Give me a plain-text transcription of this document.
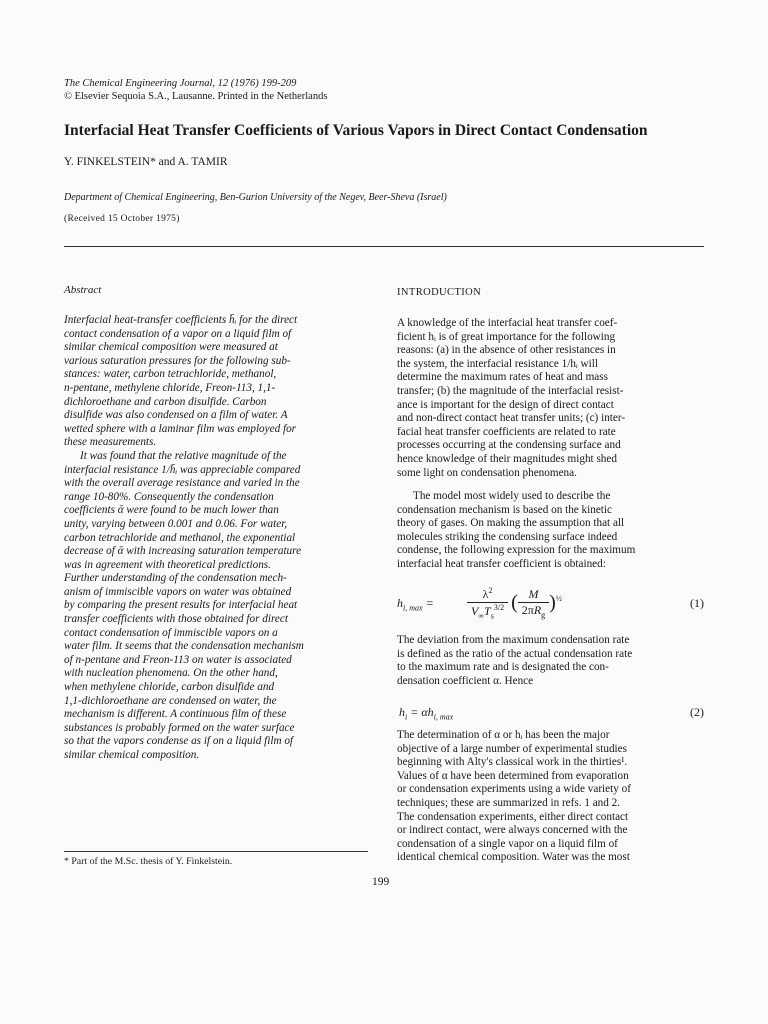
The Chemical Engineering Journal, 12 (1976) 199-209
© Elsevier Sequoia S.A., Lausanne. Printed in the Netherlands
Interfacial Heat Transfer Coefficients of Various Vapors in Direct Contact Condensation
Y. FINKELSTEIN* and A. TAMIR
Department of Chemical Engineering, Ben-Gurion University of the Negev, Beer-Sheva (Israel)
(Received 15 October 1975)
Abstract
Interfacial heat-transfer coefficients h̄ᵢ for the direct
contact condensation of a vapor on a liquid film of
similar chemical composition were measured at
various saturation pressures for the following sub-
stances: water, carbon tetrachloride, methanol,
n-pentane, methylene chloride, Freon-113, 1,1-
dichloroethane and carbon disulfide. Carbon
disulfide was also condensed on a film of water. A
wetted sphere with a laminar film was employed for
these measurements.
It was found that the relative magnitude of the
interfacial resistance 1/h̄ᵢ was appreciable compared
with the overall average resistance and varied in the
range 10-80%. Consequently the condensation
coefficients ᾱ were found to be much lower than
unity, varying between 0.001 and 0.06. For water,
carbon tetrachloride and methanol, the exponential
decrease of ᾱ with increasing saturation temperature
was in agreement with theoretical predictions.
Further understanding of the condensation mech-
anism of immiscible vapors on water was obtained
by comparing the present results for interfacial heat
transfer coefficients with those obtained for direct
contact condensation of immiscible vapors on a
water film. It seems that the condensation mechanism
of n-pentane and Freon-113 on water is associated
with nucleation phenomena. On the other hand,
when methylene chloride, carbon disulfide and
1,1-dichloroethane are condensed on water, the
mechanism is different. A continuous film of these
substances is probably formed on the water surface
so that the vapors condense as if on a liquid film of
similar chemical composition.
INTRODUCTION
A knowledge of the interfacial heat transfer coef-
ficient hᵢ is of great importance for the following
reasons: (a) in the absence of other resistances in
the system, the interfacial resistance 1/hᵢ will
determine the maximum rates of heat and mass
transfer; (b) the magnitude of the interfacial resist-
ance is important for the design of direct contact
and non-direct contact heat transfer units; (c) inter-
facial heat transfer coefficients are related to rate
processes occurring at the condensing surface and
hence knowledge of their magnitudes might shed
some light on condensation phenomena.
The model most widely used to describe the
condensation mechanism is based on the kinetic
theory of gases. On making the assumption that all
molecules striking the condensing surface indeed
condense, the following expression for the maximum
interfacial heat transfer coefficient is obtained:
$h_{i, max}$ =	$\frac{\lambda^2}{V_\infty T_s^{3/2}}$ ( $\frac{M}{2\pi R_g} )^{\frac{1}{2}}$	(1)
The deviation from the maximum condensation rate
is defined as the ratio of the actual condensation rate
to the maximum rate and is designated the con-
densation coefficient α. Hence
$h_i = \alpha h_{i, max}$	(2)
The determination of α or hᵢ has been the major
objective of a large number of experimental studies
beginning with Alty's classical work in the thirties¹.
Values of α have been determined from evaporation
or condensation experiments using a wide variety of
techniques; these are summarized in refs. 1 and 2.
The condensation experiments, either direct contact
or indirect contact, were always concerned with the
condensation of a single vapor on a liquid film of
identical chemical composition. Water was the most
* Part of the M.Sc. thesis of Y. Finkelstein.
199
